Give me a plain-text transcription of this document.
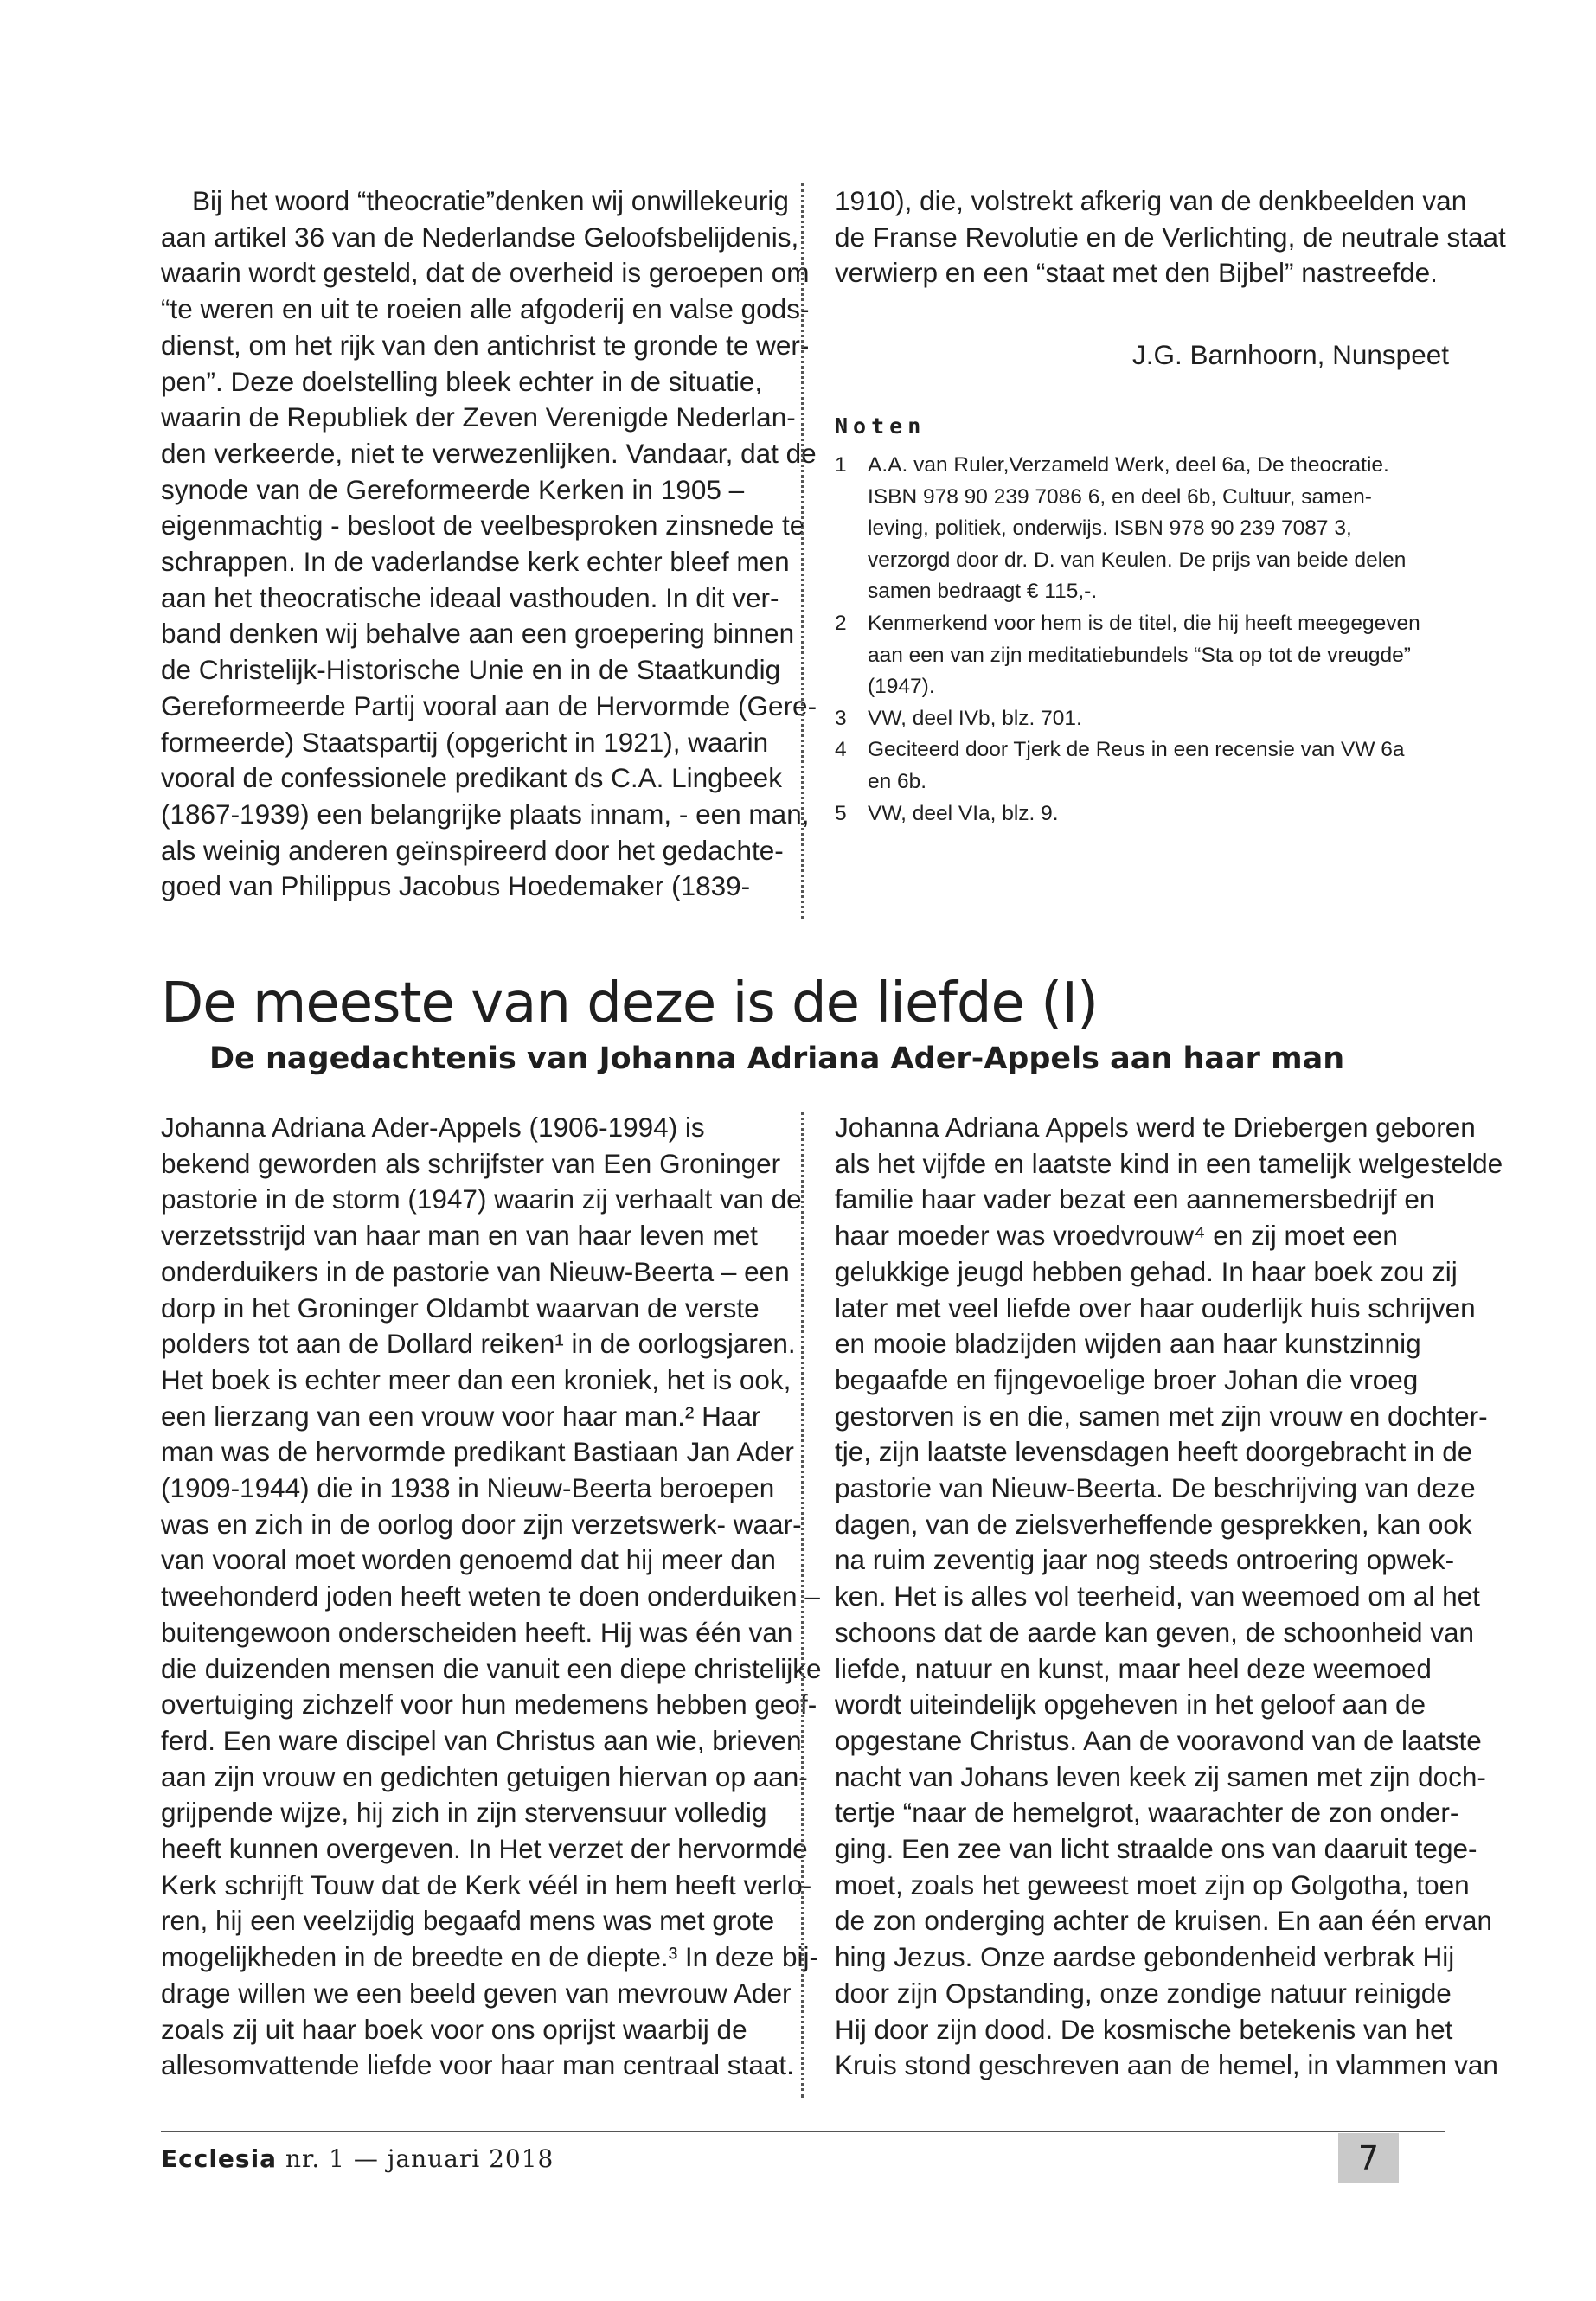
Bij het woord “theocratie”denken wij onwillekeurig
aan artikel 36 van de Nederlandse Geloofsbelijdenis,
waarin wordt gesteld, dat de overheid is geroepen om
“te weren en uit te roeien alle afgoderij en valse gods-
dienst, om het rijk van den antichrist te gronde te wer-
pen”. Deze doelstelling bleek echter in de situatie,
waarin de Republiek der Zeven Verenigde Nederlan-
den verkeerde, niet te verwezenlijken. Vandaar, dat de
synode van de Gereformeerde Kerken in 1905 –
eigenmachtig - besloot de veelbesproken zinsnede te
schrappen. In de vaderlandse kerk echter bleef men
aan het theocratische ideaal vasthouden. In dit ver-
band denken wij behalve aan een groepering binnen
de Christelijk-Historische Unie en in de Staatkundig
Gereformeerde Partij vooral aan de Hervormde (Gere-
formeerde) Staatspartij (opgericht in 1921), waarin
vooral de confessionele predikant ds C.A. Lingbeek
(1867-1939) een belangrijke plaats innam, - een man,
als weinig anderen geïnspireerd door het gedachte-
goed van Philippus Jacobus Hoedemaker (1839-
1910), die, volstrekt afkerig van de denkbeelden van
de Franse Revolutie en de Verlichting, de neutrale staat
verwierp en een “staat met den Bijbel” nastreefde.
J.G. Barnhoorn, Nunspeet
Noten
1 A.A. van Ruler,Verzameld Werk, deel 6a, De theocratie.
ISBN 978 90 239 7086 6, en deel 6b, Cultuur, samen-
leving, politiek, onderwijs. ISBN 978 90 239 7087 3,
verzorgd door dr. D. van Keulen. De prijs van beide delen
samen bedraagt € 115,-.
2 Kenmerkend voor hem is de titel, die hij heeft meegegeven
aan een van zijn meditatiebundels “Sta op tot de vreugde”
(1947).
3 VW, deel IVb, blz. 701.
4 Geciteerd door Tjerk de Reus in een recensie van VW 6a
en 6b.
5 VW, deel VIa, blz. 9.
De meeste van deze is de liefde (I)
De nagedachtenis van Johanna Adriana Ader-Appels aan haar man
Johanna Adriana Ader-Appels (1906-1994) is
bekend geworden als schrijfster van Een Groninger
pastorie in de storm (1947) waarin zij verhaalt van de
verzetsstrijd van haar man en van haar leven met
onderduikers in de pastorie van Nieuw-Beerta – een
dorp in het Groninger Oldambt waarvan de verste
polders tot aan de Dollard reiken¹ in de oorlogsjaren.
Het boek is echter meer dan een kroniek, het is ook,
een lierzang van een vrouw voor haar man.² Haar
man was de hervormde predikant Bastiaan Jan Ader
(1909-1944) die in 1938 in Nieuw-Beerta beroepen
was en zich in de oorlog door zijn verzetswerk- waar-
van vooral moet worden genoemd dat hij meer dan
tweehonderd joden heeft weten te doen onderduiken –
buitengewoon onderscheiden heeft. Hij was één van
die duizenden mensen die vanuit een diepe christelijke
overtuiging zichzelf voor hun medemens hebben geof-
ferd. Een ware discipel van Christus aan wie, brieven
aan zijn vrouw en gedichten getuigen hiervan op aan-
grijpende wijze, hij zich in zijn stervensuur volledig
heeft kunnen overgeven. In Het verzet der hervormde
Kerk schrijft Touw dat de Kerk véél in hem heeft verlo-
ren, hij een veelzijdig begaafd mens was met grote
mogelijkheden in de breedte en de diepte.³ In deze bij-
drage willen we een beeld geven van mevrouw Ader
zoals zij uit haar boek voor ons oprijst waarbij de
allesomvattende liefde voor haar man centraal staat.
Johanna Adriana Appels werd te Driebergen geboren
als het vijfde en laatste kind in een tamelijk welgestelde
familie haar vader bezat een aannemersbedrijf en
haar moeder was vroedvrouw⁴ en zij moet een
gelukkige jeugd hebben gehad. In haar boek zou zij
later met veel liefde over haar ouderlijk huis schrijven
en mooie bladzijden wijden aan haar kunstzinnig
begaafde en fijngevoelige broer Johan die vroeg
gestorven is en die, samen met zijn vrouw en dochter-
tje, zijn laatste levensdagen heeft doorgebracht in de
pastorie van Nieuw-Beerta. De beschrijving van deze
dagen, van de zielsverheffende gesprekken, kan ook
na ruim zeventig jaar nog steeds ontroering opwek-
ken. Het is alles vol teerheid, van weemoed om al het
schoons dat de aarde kan geven, de schoonheid van
liefde, natuur en kunst, maar heel deze weemoed
wordt uiteindelijk opgeheven in het geloof aan de
opgestane Christus. Aan de vooravond van de laatste
nacht van Johans leven keek zij samen met zijn doch-
tertje “naar de hemelgrot, waarachter de zon onder-
ging. Een zee van licht straalde ons van daaruit tege-
moet, zoals het geweest moet zijn op Golgotha, toen
de zon onderging achter de kruisen. En aan één ervan
hing Jezus. Onze aardse gebondenheid verbrak Hij
door zijn Opstanding, onze zondige natuur reinigde
Hij door zijn dood. De kosmische betekenis van het
Kruis stond geschreven aan de hemel, in vlammen van
Ecclesia nr. 1 — januari 2018	7
